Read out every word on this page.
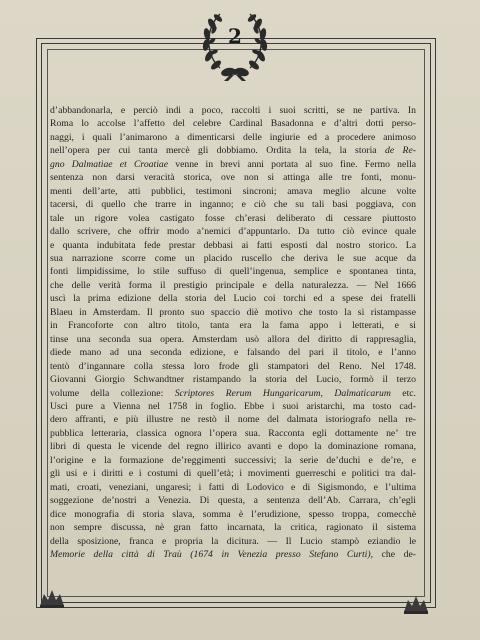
2
d’abbandonarla, e perciò indi a poco, raccolti i suoi scritti, se ne partiva. In
Roma lo accolse l’affetto del celebre Cardinal Basadonna e d’altri dotti perso-
naggi, i quali l’animarono a dimenticarsi delle ingiurie ed a procedere animoso
nell’opera per cui tanta mercè gli dobbiamo. Ordita la tela, la storia de Re-
gno Dalmatiae et Croatiae venne in brevi anni portata al suo fine. Fermo nella
sentenza non darsi veracità storica, ove non si attinga alle tre fonti, monu-
menti dell’arte, atti pubblici, testimoni sincroni; amava meglio alcune volte
tacersi, di quello che trarre in inganno; e ciò che su tali basi poggiava, con
tale un rigore volea castigato fosse ch’erasi deliberato di cessare piuttosto
dallo scrivere, che offrir modo a’nemici d’appuntarlo. Da tutto ciò evince quale
e quanta indubitata fede prestar debbasi ai fatti esposti dal nostro storico. La
sua narrazione scorre come un placido ruscello che deriva le sue acque da
fonti limpidissime, lo stile suffuso di quell’ingenua, semplice e spontanea tinta,
che delle verità forma il prestigio principale e della naturalezza. — Nel 1666
uscì la prima edizione della storia del Lucio coi torchi ed a spese dei fratelli
Blaeu in Amsterdam. Il pronto suo spaccio diè motivo che tosto la si ristampasse
in Francoforte con altro titolo, tanta era la fama appo i letterati, e si
tinse una seconda sua opera. Amsterdam usò allora del diritto di rappresaglia,
diede mano ad una seconda edizione, e falsando del pari il titolo, e l’anno
tentò d’ingannare colla stessa loro frode gli stampatori del Reno. Nel 1748.
Giovanni Giorgio Schwandtner ristampando la storia del Lucio, formò il terzo
volume della collezione: Scriptores Rerum Hungaricarum, Dalmaticarum etc.
Uscì pure a Vienna nel 1758 in foglio. Ebbe i suoi aristarchi, ma tosto cad-
dero affranti, e più illustre ne restò il nome del dalmata istoriografo nella re-
pubblica letteraria, classica ognora l’opera sua. Racconta egli dottamente ne’ tre
libri di questa le vicende del regno illirico avanti e dopo la dominazione romana,
l’origine e la formazione de’reggimenti successivi; la serie de’duchi e de’re, e
gli usi e i diritti e i costumi di quell’età; i movimenti guerreschi e politici tra dal-
mati, croati, veneziani, ungaresi; i fatti di Lodovico e di Sigismondo, e l’ultima
soggezione de’nostri a Venezia. Di questa, a sentenza dell’Ab. Carrara, ch’egli
dice monografia di storia slava, somma è l’erudizione, spesso troppa, comecchè
non sempre discussa, nè gran fatto incarnata, la critica, ragionato il sistema
della sposizione, franca e propria la dicitura. — Il Lucio stampò eziandio le
Memorie della città di Traù (1674 in Venezia presso Stefano Curti), che de-
